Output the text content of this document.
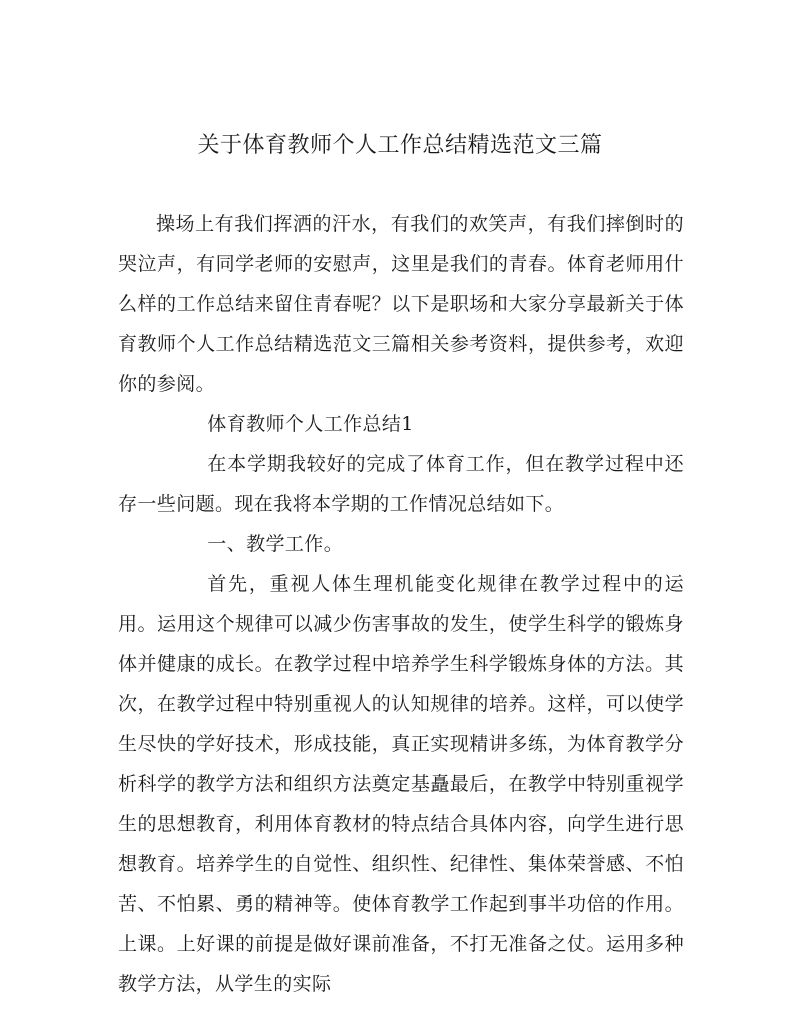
关于体育教师个人工作总结精选范文三篇

操场上有我们挥洒的汗水，有我们的欢笑声，有我们摔倒时的哭泣声，有同学老师的安慰声，这里是我们的青春。体育老师用什么样的工作总结来留住青春呢？以下是职场和大家分享最新关于体育教师个人工作总结精选范文三篇相关参考资料，提供参考，欢迎你的参阅。

体育教师个人工作总结1

在本学期我较好的完成了体育工作，但在教学过程中还存一些问题。现在我将本学期的工作情况总结如下。

一、教学工作。

首先，重视人体生理机能变化规律在教学过程中的运用。运用这个规律可以减少伤害事故的发生，使学生科学的锻炼身体并健康的成长。在教学过程中培养学生科学锻炼身体的方法。其次，在教学过程中特别重视人的认知规律的培养。这样，可以使学生尽快的学好技术，形成技能，真正实现精讲多练，为体育教学分析科学的教学方法和组织方法奠定基矗最后，在教学中特别重视学生的思想教育，利用体育教材的特点结合具体内容，向学生进行思想教育。培养学生的自觉性、组织性、纪律性、集体荣誉感、不怕苦、不怕累、勇的精神等。使体育教学工作起到事半功倍的作用。 上课。上好课的前提是做好课前准备，不打无准备之仗。运用多种教学方法，从学生的实际
